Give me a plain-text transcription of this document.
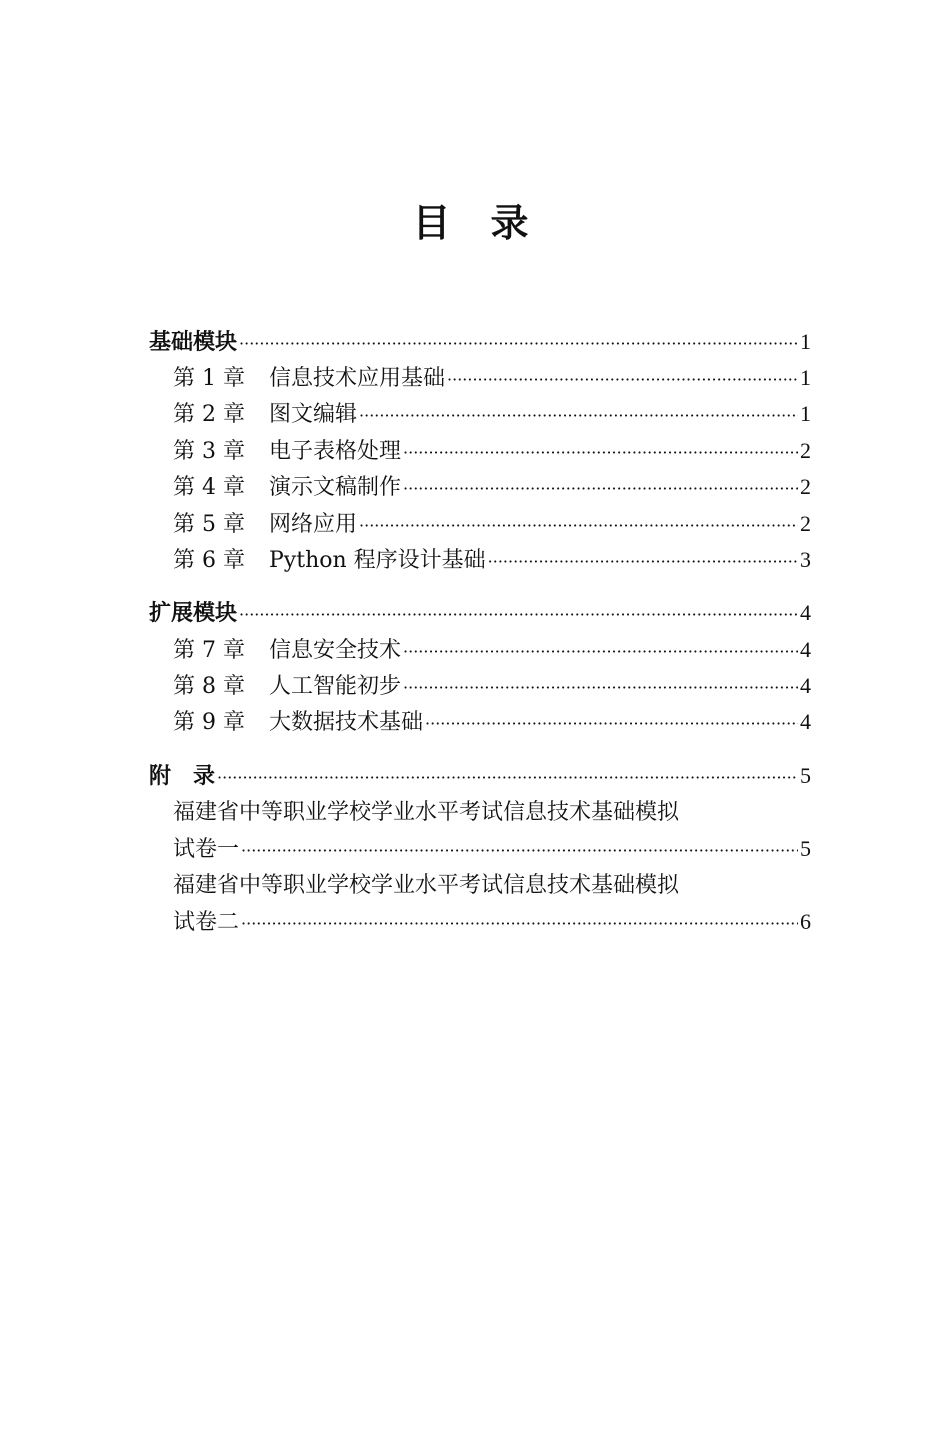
目　录
基础模块 ·····	1
第 1 章	信息技术应用基础 ·····	1
第 2 章	图文编辑 ·····	1
第 3 章	电子表格处理 ·····	2
第 4 章	演示文稿制作 ·····	2
第 5 章	网络应用 ·····	2
第 6 章	Python 程序设计基础 ·····	3
扩展模块 ·····	4
第 7 章	信息安全技术 ·····	4
第 8 章	人工智能初步 ·····	4
第 9 章	大数据技术基础 ·····	4
附　录 ·····	5
福建省中等职业学校学业水平考试信息技术基础模拟
试卷一 ·····	5
福建省中等职业学校学业水平考试信息技术基础模拟
试卷二 ·····	6
